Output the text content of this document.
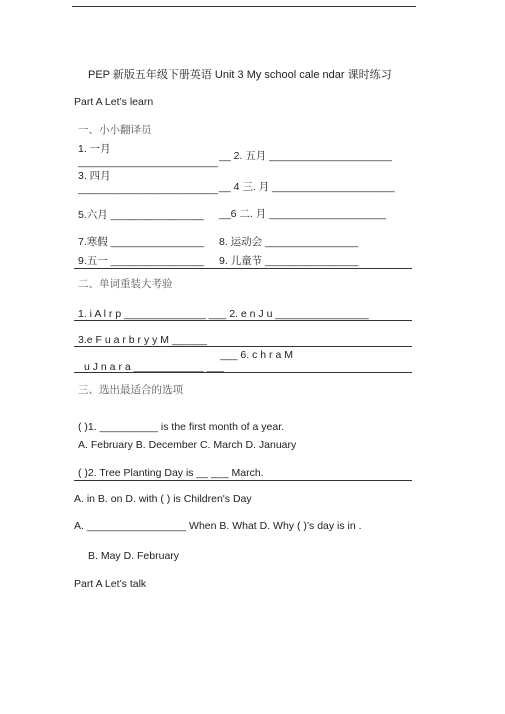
PEP 新版五年级下册英语 Unit 3 My school cale ndar 课时练习
Part A Let’s learn
一、小小翻译员
1. 一月
________________________ __ 2. 五月 _____________________
3. 四月
________________________ __ 4 三. 月 _____________________
5.六月 ________________ __6 二. 月 ____________________
7.寒假 ________________ 8. 运动会 ________________
9.五一 ________________ 9. 儿童节 ________________
二、单词重装大考验
1. i A l r p ______________ ___ 2. e n J u ________________
3.e F u a r b r y y M ______
___ 6. c h r a M
u J n a r a ____________ ___
三、选出最适合的选项
( )1. __________ is the first month of a year.
A. February B. December C. March D. January
( )2. Tree Planting Day is __ ___ March.
A. in B. on D. with ( ) is Children's Day
A. _________________ When B. What D. Why ( )’s day is in .
B. May D. February
Part A Let’s talk
